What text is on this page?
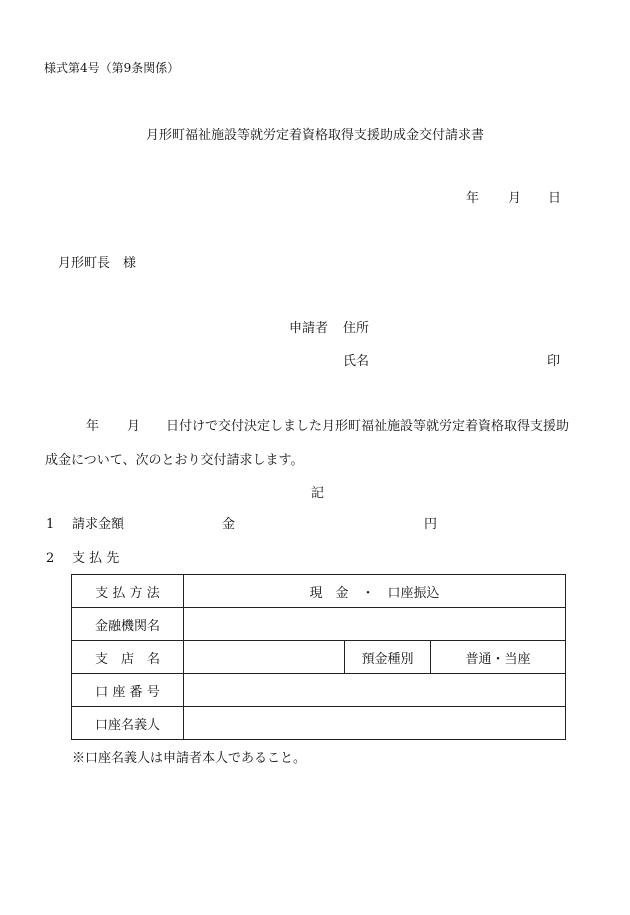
様式第4号（第9条関係）
月形町福祉施設等就労定着資格取得支援助成金交付請求書
年 月 日
月形町長　様
申請者 住所
氏名	印
年 月 日付けで交付決定しました月形町福祉施設等就労定着資格取得支援助
成金について、次のとおり交付請求します。
記
1 請求金額	金	円
2 支 払 先
支 払 方 法	現　金　・　口座振込		
金融機関名			
支　店　名		預金種別	普通・当座
口 座 番 号			
口座名義人			
※口座名義人は申請者本人であること。
